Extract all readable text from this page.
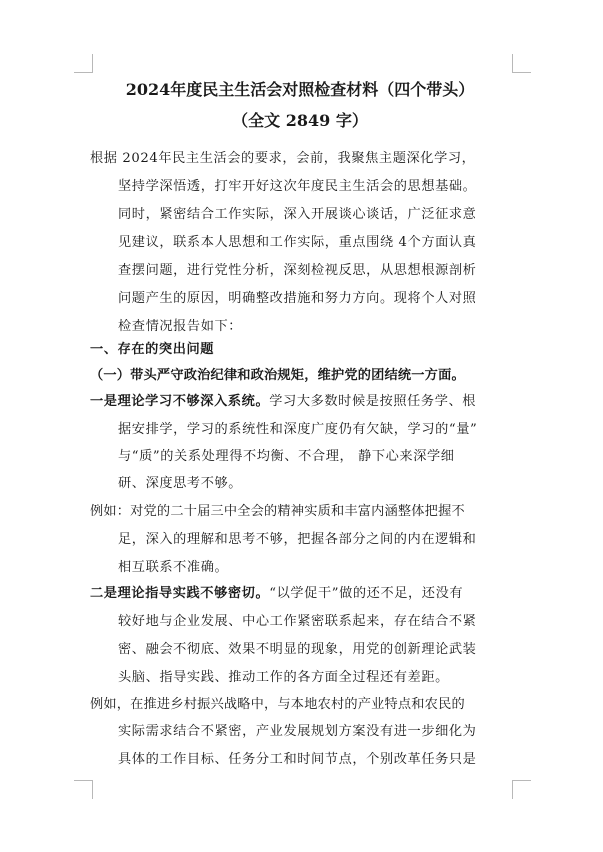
2024年度民主生活会对照检查材料（四个带头）
（全文 2849 字）
根据 2024年民主生活会的要求，会前，我聚焦主题深化学习，
坚持学深悟透，打牢开好这次年度民主生活会的思想基础。
同时，紧密结合工作实际，深入开展谈心谈话，广泛征求意
见建议，联系本人思想和工作实际，重点围绕 4个方面认真
查摆问题，进行党性分析，深刻检视反思，从思想根源剖析
问题产生的原因，明确整改措施和努力方向。现将个人对照
检查情况报告如下：
一、存在的突出问题
（一）带头严守政治纪律和政治规矩，维护党的团结统一方面。
一是理论学习不够深入系统。学习大多数时候是按照任务学、根
据安排学，学习的系统性和深度广度仍有欠缺，学习的“量”
与“质”的关系处理得不均衡、不合理， 静下心来深学细
研、深度思考不够。
例如：对党的二十届三中全会的精神实质和丰富内涵整体把握不
足，深入的理解和思考不够，把握各部分之间的内在逻辑和
相互联系不准确。
二是理论指导实践不够密切。“以学促干”做的还不足，还没有
较好地与企业发展、中心工作紧密联系起来，存在结合不紧
密、融会不彻底、效果不明显的现象，用党的创新理论武装
头脑、指导实践、推动工作的各方面全过程还有差距。
例如，在推进乡村振兴战略中，与本地农村的产业特点和农民的
实际需求结合不紧密，产业发展规划方案没有进一步细化为
具体的工作目标、任务分工和时间节点，个别改革任务只是
